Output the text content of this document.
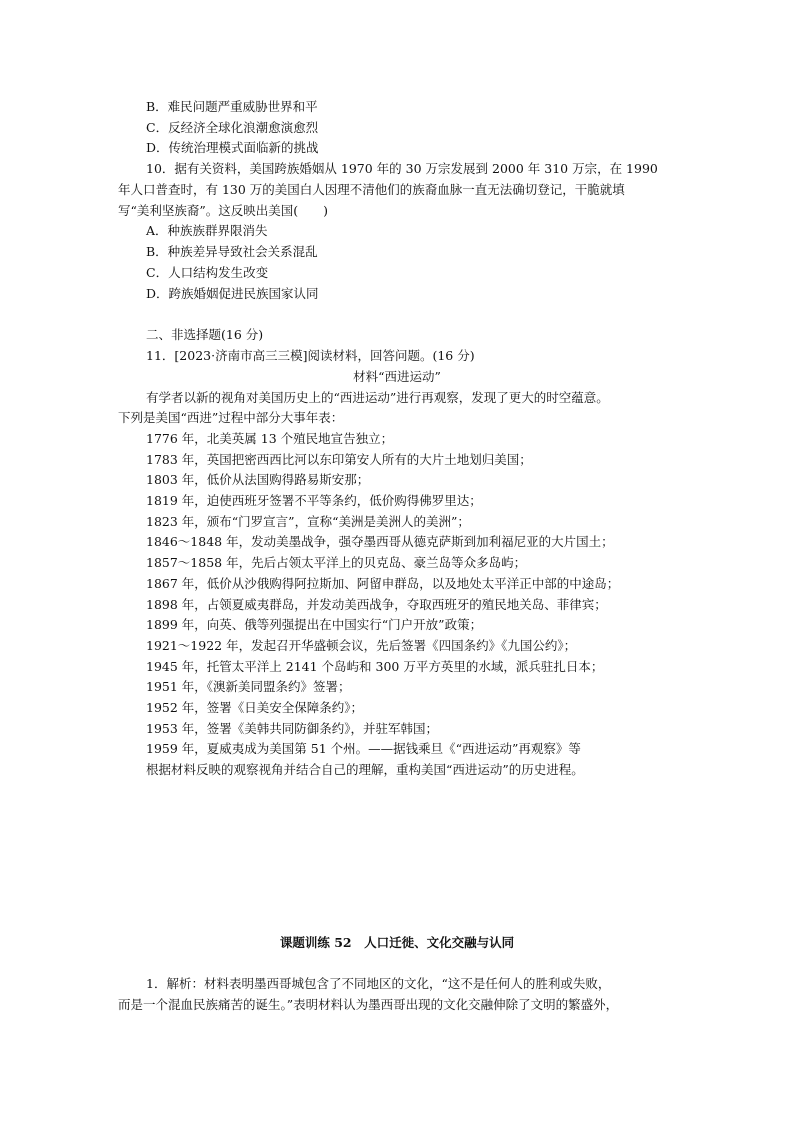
B．难民问题严重威胁世界和平
C．反经济全球化浪潮愈演愈烈
D．传统治理模式面临新的挑战
10．据有关资料，美国跨族婚姻从 1970 年的 30 万宗发展到 2000 年 310 万宗，在 1990
年人口普查时，有 130 万的美国白人因理不清他们的族裔血脉一直无法确切登记，干脆就填
写“美利坚族裔”。这反映出美国(　　)
A．种族族群界限消失
B．种族差异导致社会关系混乱
C．人口结构发生改变
D．跨族婚姻促进民族国家认同
二、非选择题(16 分)
11．[2023·济南市高三三模]阅读材料，回答问题。(16 分)
材料“西进运动”
有学者以新的视角对美国历史上的“西进运动”进行再观察，发现了更大的时空蕴意。
下列是美国“西进”过程中部分大事年表：
1776 年，北美英属 13 个殖民地宣告独立；
1783 年，英国把密西西比河以东印第安人所有的大片土地划归美国；
1803 年，低价从法国购得路易斯安那；
1819 年，迫使西班牙签署不平等条约，低价购得佛罗里达；
1823 年，颁布“门罗宣言”，宣称“美洲是美洲人的美洲”；
1846～1848 年，发动美墨战争，强夺墨西哥从德克萨斯到加利福尼亚的大片国土；
1857～1858 年，先后占领太平洋上的贝克岛、豪兰岛等众多岛屿；
1867 年，低价从沙俄购得阿拉斯加、阿留申群岛，以及地处太平洋正中部的中途岛；
1898 年，占领夏威夷群岛，并发动美西战争，夺取西班牙的殖民地关岛、菲律宾；
1899 年，向英、俄等列强提出在中国实行“门户开放”政策；
1921～1922 年，发起召开华盛顿会议，先后签署《四国条约》《九国公约》；
1945 年，托管太平洋上 2141 个岛屿和 300 万平方英里的水域，派兵驻扎日本；
1951 年，《澳新美同盟条约》签署；
1952 年，签署《日美安全保障条约》；
1953 年，签署《美韩共同防御条约》，并驻军韩国；
1959 年，夏威夷成为美国第 51 个州。——据钱乘旦《“西进运动”再观察》等
根据材料反映的观察视角并结合自己的理解，重构美国“西进运动”的历史进程。
课题训练 52　人口迁徙、文化交融与认同
1．解析：材料表明墨西哥城包含了不同地区的文化，“这不是任何人的胜利或失败，
而是一个混血民族痛苦的诞生。”表明材料认为墨西哥出现的文化交融伸除了文明的繁盛外，
